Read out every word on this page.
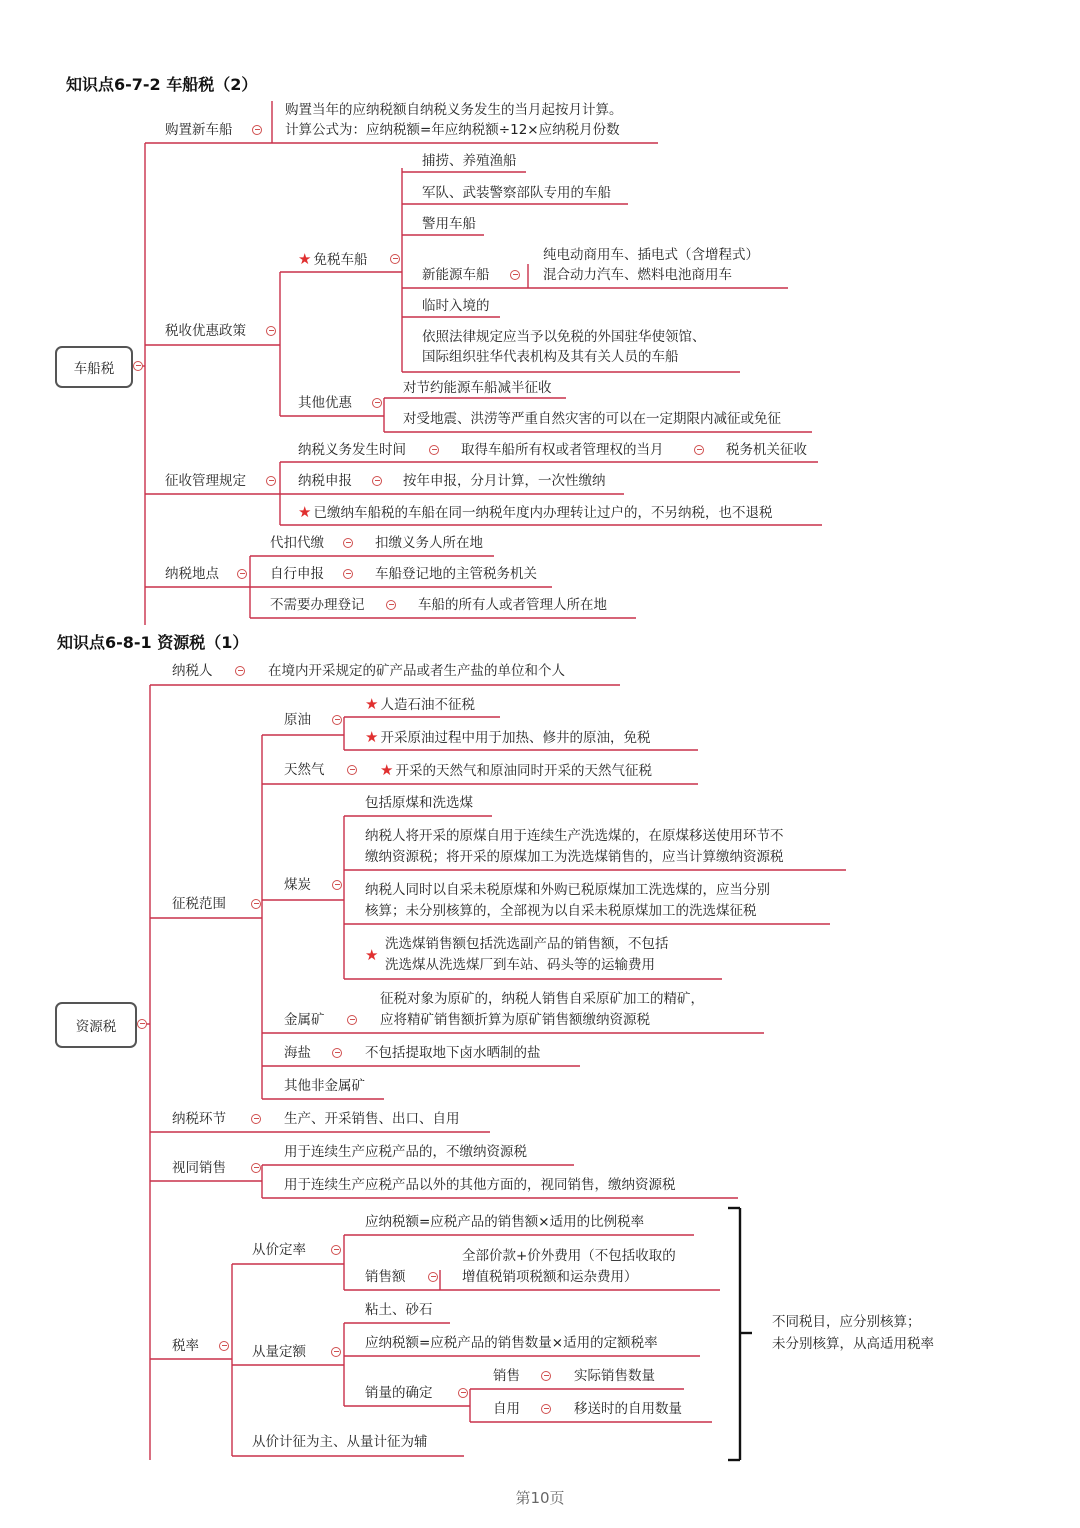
知识点6-7-2 车船税（2）
知识点6-8-1 资源税（1）
车船税
购置新车船
购置当年的应纳税额自纳税义务发生的当月起按月计算。
计算公式为：应纳税额=年应纳税额÷12×应纳税月份数
税收优惠政策
★ 免税车船
捕捞、养殖渔船
军队、武装警察部队专用的车船
警用车船
新能源车船
纯电动商用车、插电式（含增程式）
混合动力汽车、燃料电池商用车
临时入境的
依照法律规定应当予以免税的外国驻华使领馆、
国际组织驻华代表机构及其有关人员的车船
其他优惠
对节约能源车船减半征收
对受地震、洪涝等严重自然灾害的可以在一定期限内减征或免征
征收管理规定
纳税义务发生时间	取得车船所有权或者管理权的当月	税务机关征收
纳税申报	按年申报，分月计算，一次性缴纳
★ 已缴纳车船税的车船在同一纳税年度内办理转让过户的，不另纳税，也不退税
纳税地点
代扣代缴	扣缴义务人所在地
自行申报	车船登记地的主管税务机关
不需要办理登记	车船的所有人或者管理人所在地
资源税
纳税人	在境内开采规定的矿产品或者生产盐的单位和个人
征税范围
原油
★ 人造石油不征税
★ 开采原油过程中用于加热、修井的原油，免税
天然气	★ 开采的天然气和原油同时开采的天然气征税
煤炭
包括原煤和洗选煤
纳税人将开采的原煤自用于连续生产洗选煤的，在原煤移送使用环节不
缴纳资源税；将开采的原煤加工为洗选煤销售的，应当计算缴纳资源税
纳税人同时以自采未税原煤和外购已税原煤加工洗选煤的，应当分别
核算；未分别核算的，全部视为以自采未税原煤加工的洗选煤征税
★
洗选煤销售额包括洗选副产品的销售额，不包括
洗选煤从洗选煤厂到车站、码头等的运输费用
金属矿
征税对象为原矿的，纳税人销售自采原矿加工的精矿，
应将精矿销售额折算为原矿销售额缴纳资源税
海盐	不包括提取地下卤水晒制的盐
其他非金属矿
纳税环节	生产、开采销售、出口、自用
视同销售
用于连续生产应税产品的，不缴纳资源税
用于连续生产应税产品以外的其他方面的，视同销售，缴纳资源税
税率
从价定率
应纳税额=应税产品的销售额×适用的比例税率
销售额
全部价款+价外费用（不包括收取的
增值税销项税额和运杂费用）
从量定额
粘土、砂石
应纳税额=应税产品的销售数量×适用的定额税率
销量的确定
销售	实际销售数量
自用	移送时的自用数量
从价计征为主、从量计征为辅
不同税目，应分别核算；
未分别核算，从高适用税率
第10页
